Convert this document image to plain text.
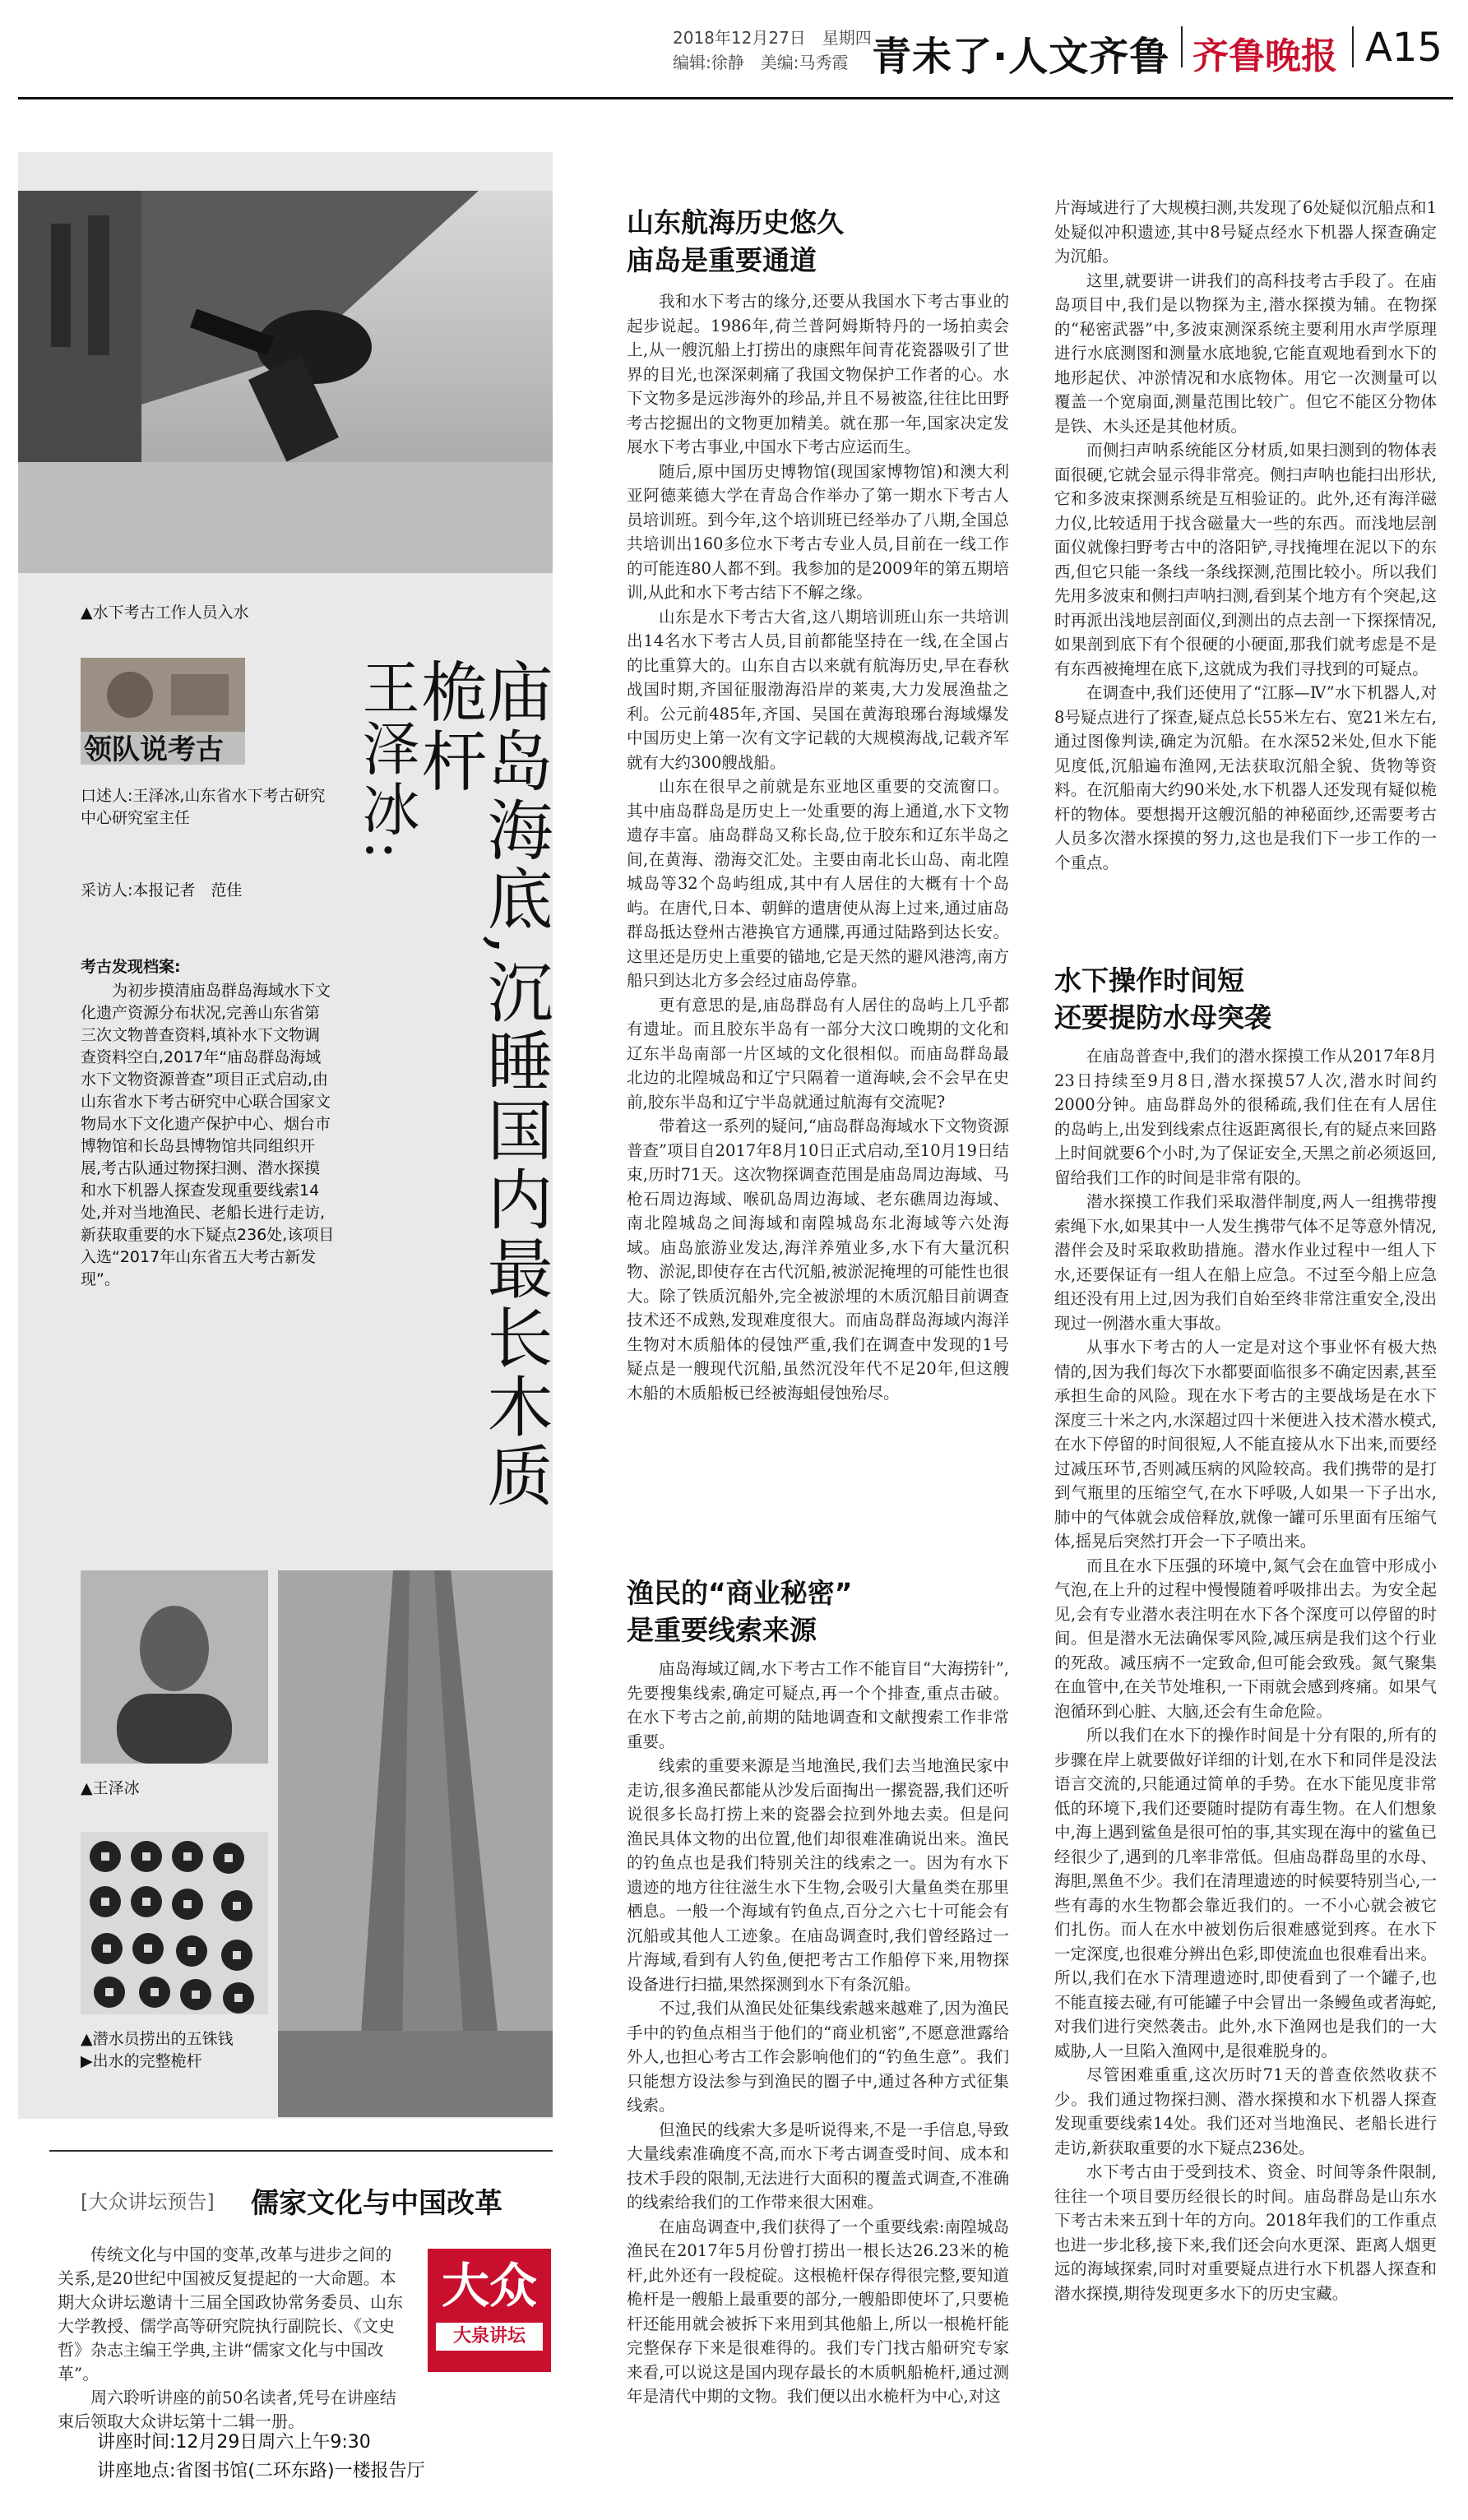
2018年12月27日　星期四
编辑:徐静　美编:马秀霞 青未了·人文齐鲁 齐鲁晚报 A15
▲水下考古工作人员入水
领队说考古
口述人:王泽冰,山东省水下考古研究中心研究室主任
采访人:本报记者　范佳
考古发现档案:
为初步摸清庙岛群岛海域水下文化遗产资源分布状况,完善山东省第三次文物普查资料,填补水下文物调查资料空白,2017年“庙岛群岛海域水下文物资源普查”项目正式启动,由山东省水下考古研究中心联合国家文物局水下文化遗产保护中心、烟台市博物馆和长岛县博物馆共同组织开展,考古队通过物探扫测、潜水探摸和水下机器人探查发现重要线索14处,并对当地渔民、老船长进行走访,新获取重要的水下疑点236处,该项目入选“2017年山东省五大考古新发现”。	庙岛海底,沉睡国内最长木质桅杆
王泽冰:
▲王泽冰
▲潜水员捞出的五铢钱
▶出水的完整桅杆
山东航海历史悠久
庙岛是重要通道

我和水下考古的缘分,还要从我国水下考古事业的起步说起。1986年,荷兰普阿姆斯特丹的一场拍卖会上,从一艘沉船上打捞出的康熙年间青花瓷器吸引了世界的目光,也深深刺痛了我国文物保护工作者的心。水下文物多是远涉海外的珍品,并且不易被盗,往往比田野考古挖掘出的文物更加精美。就在那一年,国家决定发展水下考古事业,中国水下考古应运而生。

随后,原中国历史博物馆(现国家博物馆)和澳大利亚阿德莱德大学在青岛合作举办了第一期水下考古人员培训班。到今年,这个培训班已经举办了八期,全国总共培训出160多位水下考古专业人员,目前在一线工作的可能连80人都不到。我参加的是2009年的第五期培训,从此和水下考古结下不解之缘。

山东是水下考古大省,这八期培训班山东一共培训出14名水下考古人员,目前都能坚持在一线,在全国占的比重算大的。山东自古以来就有航海历史,早在春秋战国时期,齐国征服渤海沿岸的莱夷,大力发展渔盐之利。公元前485年,齐国、吴国在黄海琅琊台海域爆发中国历史上第一次有文字记载的大规模海战,记载齐军就有大约300艘战船。

山东在很早之前就是东亚地区重要的交流窗口。其中庙岛群岛是历史上一处重要的海上通道,水下文物遗存丰富。庙岛群岛又称长岛,位于胶东和辽东半岛之间,在黄海、渤海交汇处。主要由南北长山岛、南北隍城岛等32个岛屿组成,其中有人居住的大概有十个岛屿。在唐代,日本、朝鲜的遣唐使从海上过来,通过庙岛群岛抵达登州古港换官方通牒,再通过陆路到达长安。这里还是历史上重要的锚地,它是天然的避风港湾,南方船只到达北方多会经过庙岛停靠。

更有意思的是,庙岛群岛有人居住的岛屿上几乎都有遗址。而且胶东半岛有一部分大汶口晚期的文化和辽东半岛南部一片区域的文化很相似。而庙岛群岛最北边的北隍城岛和辽宁只隔着一道海峡,会不会早在史前,胶东半岛和辽宁半岛就通过航海有交流呢?

带着这一系列的疑问,“庙岛群岛海域水下文物资源普查”项目自2017年8月10日正式启动,至10月19日结束,历时71天。这次物探调查范围是庙岛周边海域、马枪石周边海域、喉矶岛周边海域、老东礁周边海域、南北隍城岛之间海域和南隍城岛东北海域等六处海域。庙岛旅游业发达,海洋养殖业多,水下有大量沉积物、淤泥,即使存在古代沉船,被淤泥掩埋的可能性也很大。除了铁质沉船外,完全被淤埋的木质沉船目前调查技术还不成熟,发现难度很大。而庙岛群岛海域内海洋生物对木质船体的侵蚀严重,我们在调查中发现的1号疑点是一艘现代沉船,虽然沉没年代不足20年,但这艘木船的木质船板已经被海蛆侵蚀殆尽。

渔民的“商业秘密”
是重要线索来源

庙岛海域辽阔,水下考古工作不能盲目“大海捞针”,先要搜集线索,确定可疑点,再一个个排查,重点击破。在水下考古之前,前期的陆地调查和文献搜索工作非常重要。

线索的重要来源是当地渔民,我们去当地渔民家中走访,很多渔民都能从沙发后面掏出一摞瓷器,我们还听说很多长岛打捞上来的瓷器会拉到外地去卖。但是问渔民具体文物的出位置,他们却很难准确说出来。渔民的钓鱼点也是我们特别关注的线索之一。因为有水下遗迹的地方往往滋生水下生物,会吸引大量鱼类在那里栖息。一般一个海域有钓鱼点,百分之六七十可能会有沉船或其他人工迹象。在庙岛调查时,我们曾经路过一片海域,看到有人钓鱼,便把考古工作船停下来,用物探设备进行扫描,果然探测到水下有条沉船。

不过,我们从渔民处征集线索越来越难了,因为渔民手中的钓鱼点相当于他们的“商业机密”,不愿意泄露给外人,也担心考古工作会影响他们的“钓鱼生意”。我们只能想方设法参与到渔民的圈子中,通过各种方式征集线索。

但渔民的线索大多是听说得来,不是一手信息,导致大量线索准确度不高,而水下考古调查受时间、成本和技术手段的限制,无法进行大面积的覆盖式调查,不准确的线索给我们的工作带来很大困难。

在庙岛调查中,我们获得了一个重要线索:南隍城岛渔民在2017年5月份曾打捞出一根长达26.23米的桅杆,此外还有一段椗碇。这根桅杆保存得很完整,要知道桅杆是一艘船上最重要的部分,一艘船即使坏了,只要桅杆还能用就会被拆下来用到其他船上,所以一根桅杆能完整保存下来是很难得的。我们专门找古船研究专家来看,可以说这是国内现存最长的木质帆船桅杆,通过测年是清代中期的文物。我们便以出水桅杆为中心,对这

片海域进行了大规模扫测,共发现了6处疑似沉船点和1处疑似冲积遗迹,其中8号疑点经水下机器人探查确定为沉船。

这里,就要讲一讲我们的高科技考古手段了。在庙岛项目中,我们是以物探为主,潜水探摸为辅。在物探的“秘密武器”中,多波束测深系统主要利用水声学原理进行水底测图和测量水底地貌,它能直观地看到水下的地形起伏、冲淤情况和水底物体。用它一次测量可以覆盖一个宽扇面,测量范围比较广。但它不能区分物体是铁、木头还是其他材质。

而侧扫声呐系统能区分材质,如果扫测到的物体表面很硬,它就会显示得非常亮。侧扫声呐也能扫出形状,它和多波束探测系统是互相验证的。此外,还有海洋磁力仪,比较适用于找含磁量大一些的东西。而浅地层剖面仪就像扫野考古中的洛阳铲,寻找掩埋在泥以下的东西,但它只能一条线一条线探测,范围比较小。所以我们先用多波束和侧扫声呐扫测,看到某个地方有个突起,这时再派出浅地层剖面仪,到测出的点去剖一下探探情况,如果剖到底下有个很硬的小硬面,那我们就考虑是不是有东西被掩埋在底下,这就成为我们寻找到的可疑点。

在调查中,我们还使用了“江豚—Ⅳ”水下机器人,对8号疑点进行了探查,疑点总长55米左右、宽21米左右,通过图像判读,确定为沉船。在水深52米处,但水下能见度低,沉船遍布渔网,无法获取沉船全貌、货物等资料。在沉船南大约90米处,水下机器人还发现有疑似桅杆的物体。要想揭开这艘沉船的神秘面纱,还需要考古人员多次潜水探摸的努力,这也是我们下一步工作的一个重点。

水下操作时间短
还要提防水母突袭

在庙岛普查中,我们的潜水探摸工作从2017年8月23日持续至9月8日,潜水探摸57人次,潜水时间约2000分钟。庙岛群岛外的很稀疏,我们住在有人居住的岛屿上,出发到线索点往返距离很长,有的疑点来回路上时间就要6个小时,为了保证安全,天黑之前必须返回,留给我们工作的时间是非常有限的。

潜水探摸工作我们采取潜伴制度,两人一组携带搜索绳下水,如果其中一人发生携带气体不足等意外情况,潜伴会及时采取救助措施。潜水作业过程中一组人下水,还要保证有一组人在船上应急。不过至今船上应急组还没有用上过,因为我们自始至终非常注重安全,没出现过一例潜水重大事故。

从事水下考古的人一定是对这个事业怀有极大热情的,因为我们每次下水都要面临很多不确定因素,甚至承担生命的风险。现在水下考古的主要战场是在水下深度三十米之内,水深超过四十米便进入技术潜水模式,在水下停留的时间很短,人不能直接从水下出来,而要经过减压环节,否则减压病的风险较高。我们携带的是打到气瓶里的压缩空气,在水下呼吸,人如果一下子出水,肺中的气体就会成倍释放,就像一罐可乐里面有压缩气体,摇晃后突然打开会一下子喷出来。

而且在水下压强的环境中,氮气会在血管中形成小气泡,在上升的过程中慢慢随着呼吸排出去。为安全起见,会有专业潜水表注明在水下各个深度可以停留的时间。但是潜水无法确保零风险,减压病是我们这个行业的死敌。减压病不一定致命,但可能会致残。氮气聚集在血管中,在关节处堆积,一下雨就会感到疼痛。如果气泡循环到心脏、大脑,还会有生命危险。

所以我们在水下的操作时间是十分有限的,所有的步骤在岸上就要做好详细的计划,在水下和同伴是没法语言交流的,只能通过简单的手势。在水下能见度非常低的环境下,我们还要随时提防有毒生物。在人们想象中,海上遇到鲨鱼是很可怕的事,其实现在海中的鲨鱼已经很少了,遇到的几率非常低。但庙岛群岛里的水母、海胆,黑鱼不少。我们在清理遗迹的时候要特别当心,一些有毒的水生物都会靠近我们的。一不小心就会被它们扎伤。而人在水中被划伤后很难感觉到疼。在水下一定深度,也很难分辨出色彩,即使流血也很难看出来。所以,我们在水下清理遗迹时,即使看到了一个罐子,也不能直接去碰,有可能罐子中会冒出一条鳗鱼或者海蛇,对我们进行突然袭击。此外,水下渔网也是我们的一大威胁,人一旦陷入渔网中,是很难脱身的。

尽管困难重重,这次历时71天的普查依然收获不少。我们通过物探扫测、潜水探摸和水下机器人探查发现重要线索14处。我们还对当地渔民、老船长进行走访,新获取重要的水下疑点236处。

水下考古由于受到技术、资金、时间等条件限制,往往一个项目要历经很长的时间。庙岛群岛是山东水下考古未来五到十年的方向。2018年我们的工作重点也进一步北移,接下来,我们还会向水更深、距离人烟更远的海域探索,同时对重要疑点进行水下机器人探查和潜水探摸,期待发现更多水下的历史宝藏。

[大众讲坛预告] 儒家文化与中国改革

传统文化与中国的变革,改革与进步之间的关系,是20世纪中国被反复提起的一大命题。本期大众讲坛邀请十三届全国政协常务委员、山东大学教授、儒学高等研究院执行副院长、《文史哲》杂志主编王学典,主讲“儒家文化与中国改革”。

周六聆听讲座的前50名读者,凭号在讲座结束后领取大众讲坛第十二辑一册。

大众
大泉讲坛
讲座时间:12月29日周六上午9:30
讲座地点:省图书馆(二环东路)一楼报告厅
